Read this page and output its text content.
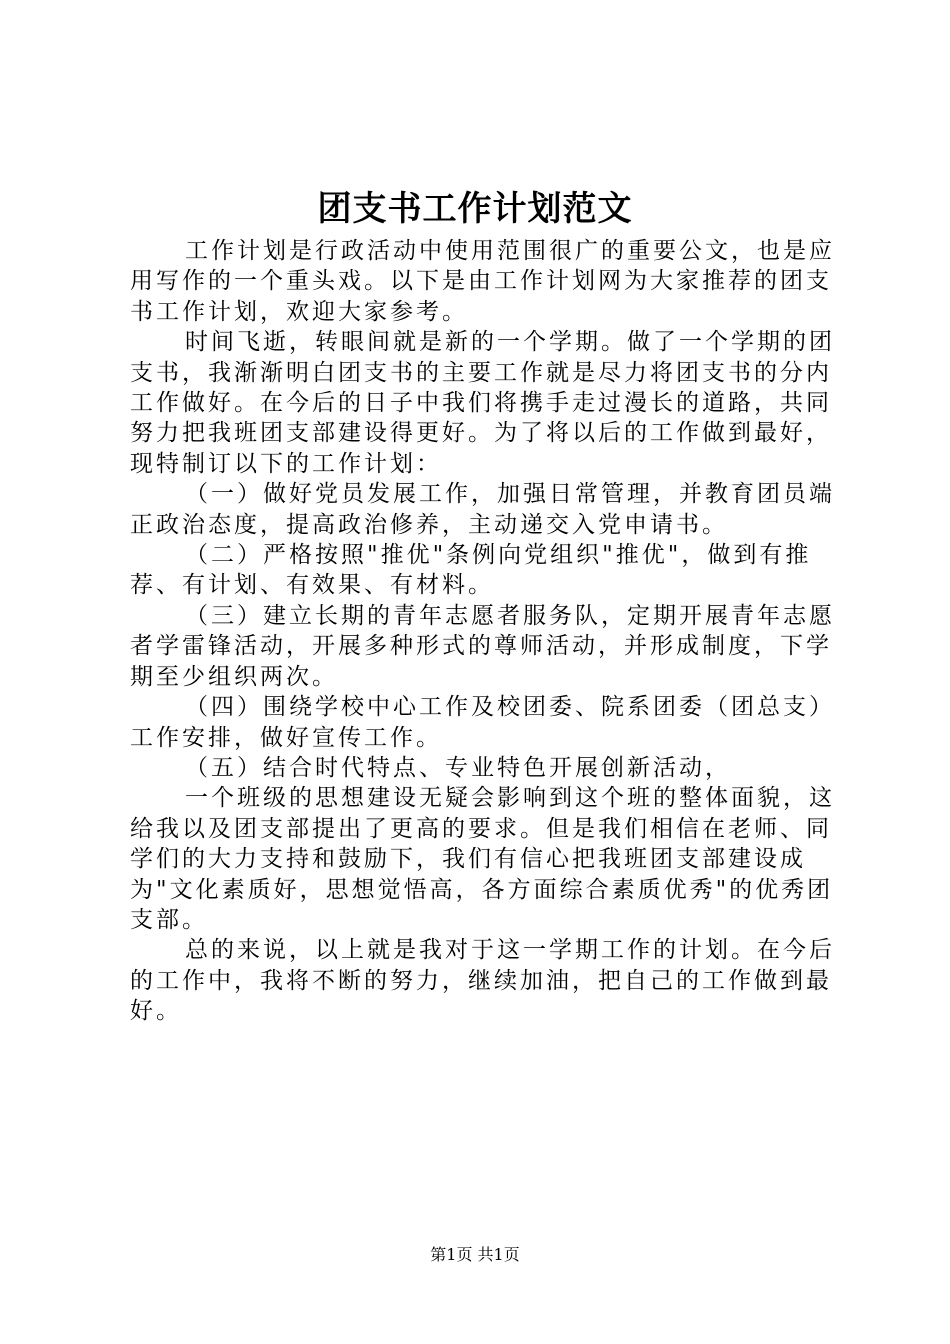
团支书工作计划范文

工作计划是行政活动中使用范围很广的重要公文，也是应用写作的一个重头戏。以下是由工作计划网为大家推荐的团支书工作计划，欢迎大家参考。

时间飞逝，转眼间就是新的一个学期。做了一个学期的团支书，我渐渐明白团支书的主要工作就是尽力将团支书的分内工作做好。在今后的日子中我们将携手走过漫长的道路，共同努力把我班团支部建设得更好。为了将以后的工作做到最好，现特制订以下的工作计划：

（一）做好党员发展工作，加强日常管理，并教育团员端正政治态度，提高政治修养，主动递交入党申请书。

（二）严格按照"推优"条例向党组织"推优"，做到有推荐、有计划、有效果、有材料。

（三）建立长期的青年志愿者服务队，定期开展青年志愿者学雷锋活动，开展多种形式的尊师活动，并形成制度，下学期至少组织两次。

（四）围绕学校中心工作及校团委、院系团委（团总支）工作安排，做好宣传工作。

（五）结合时代特点、专业特色开展创新活动，

一个班级的思想建设无疑会影响到这个班的整体面貌，这给我以及团支部提出了更高的要求。但是我们相信在老师、同学们的大力支持和鼓励下，我们有信心把我班团支部建设成为"文化素质好，思想觉悟高，各方面综合素质优秀"的优秀团支部。

总的来说，以上就是我对于这一学期工作的计划。在今后的工作中，我将不断的努力，继续加油，把自己的工作做到最好。

第1页 共1页
